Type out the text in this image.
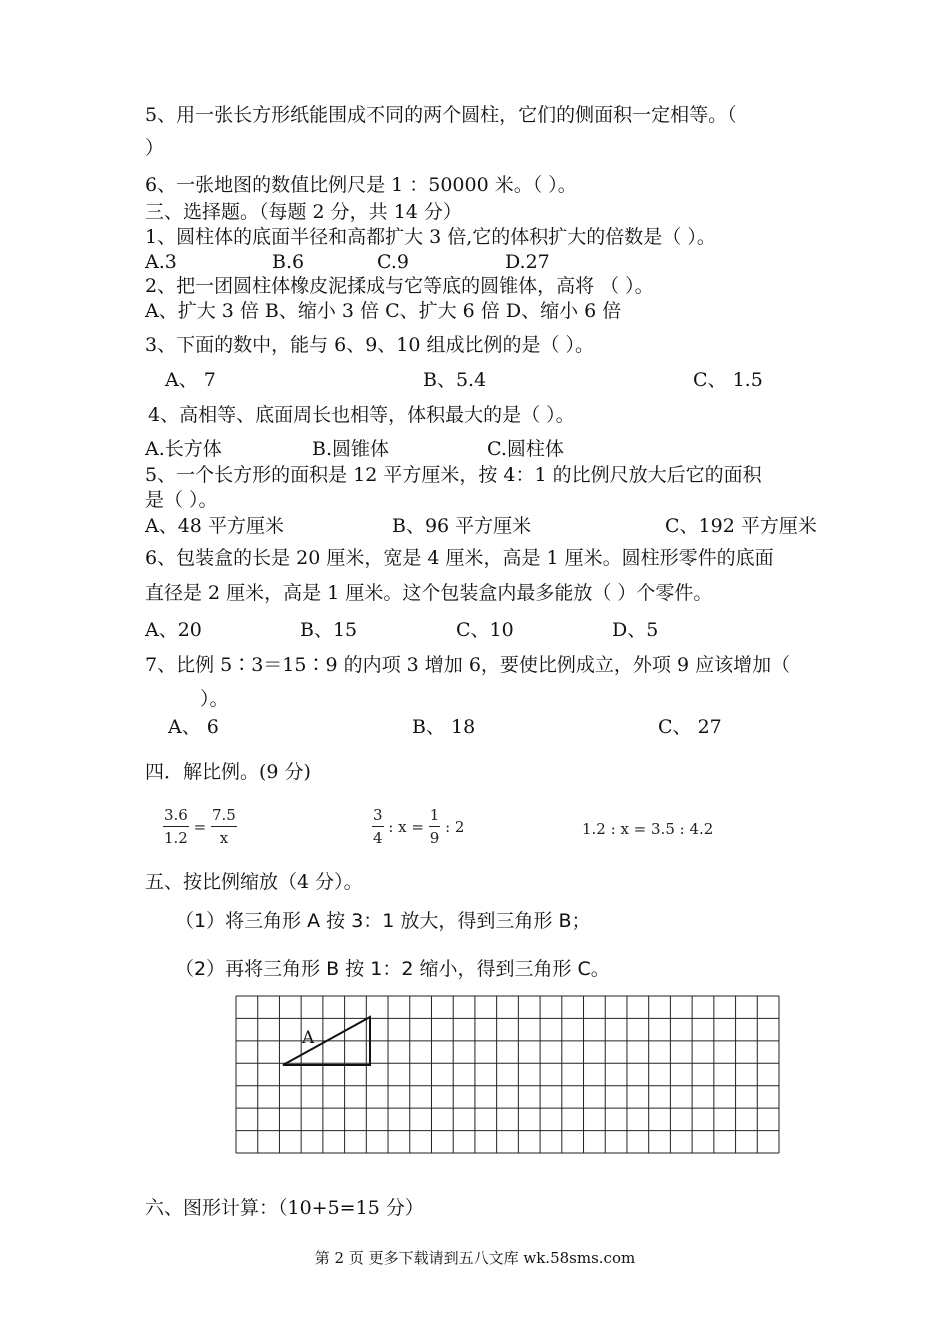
5、用一张长方形纸能围成不同的两个圆柱，它们的侧面积一定相等。（
）
6、一张地图的数值比例尺是 1 ：50000 米。（ ）。
三、选择题。（每题 2 分，共 14 分）
1、圆柱体的底面半径和高都扩大 3 倍,它的体积扩大的倍数是（ ）。
A.3	B.6	C.9	D.27
2、把一团圆柱体橡皮泥揉成与它等底的圆锥体，高将 （ ）。
A、扩大 3 倍 B、缩小 3 倍 C、扩大 6 倍 D、缩小 6 倍
3、下面的数中，能与 6、9、10 组成比例的是（ ）。
A、 7	B、5.4	C、 1.5
4、高相等、底面周长也相等，体积最大的是（ ）。
A.长方体	B.圆锥体	C.圆柱体
5、一个长方形的面积是 12 平方厘米，按 4：1 的比例尺放大后它的面积
是（ ）。
A、48 平方厘米	B、96 平方厘米	C、192 平方厘米
6、包装盒的长是 20 厘米，宽是 4 厘米，高是 1 厘米。圆柱形零件的底面
直径是 2 厘米，高是 1 厘米。这个包装盒内最多能放（ ）个零件。
A、20	B、15	C、10	D、5
7、比例 5∶3＝15∶9 的内项 3 增加 6，要使比例成立，外项 9 应该增加（
）。
A、 6	B、 18	C、 27
四．解比例。(9 分)
$\frac{3.6}{1.2} = \frac{7.5}{x}$	$\frac{3}{4}$ : $x = \frac{1}{9}$ : 2	1.2 : x = 3.5 : 4.2
五、按比例缩放（4 分）。
（1）将三角形 A 按 3：1 放大，得到三角形 B；
（2）再将三角形 B 按 1：2 缩小，得到三角形 C。
A
六、图形计算：（10+5=15 分）
第 2 页 更多下载请到五八文库 wk.58sms.com
